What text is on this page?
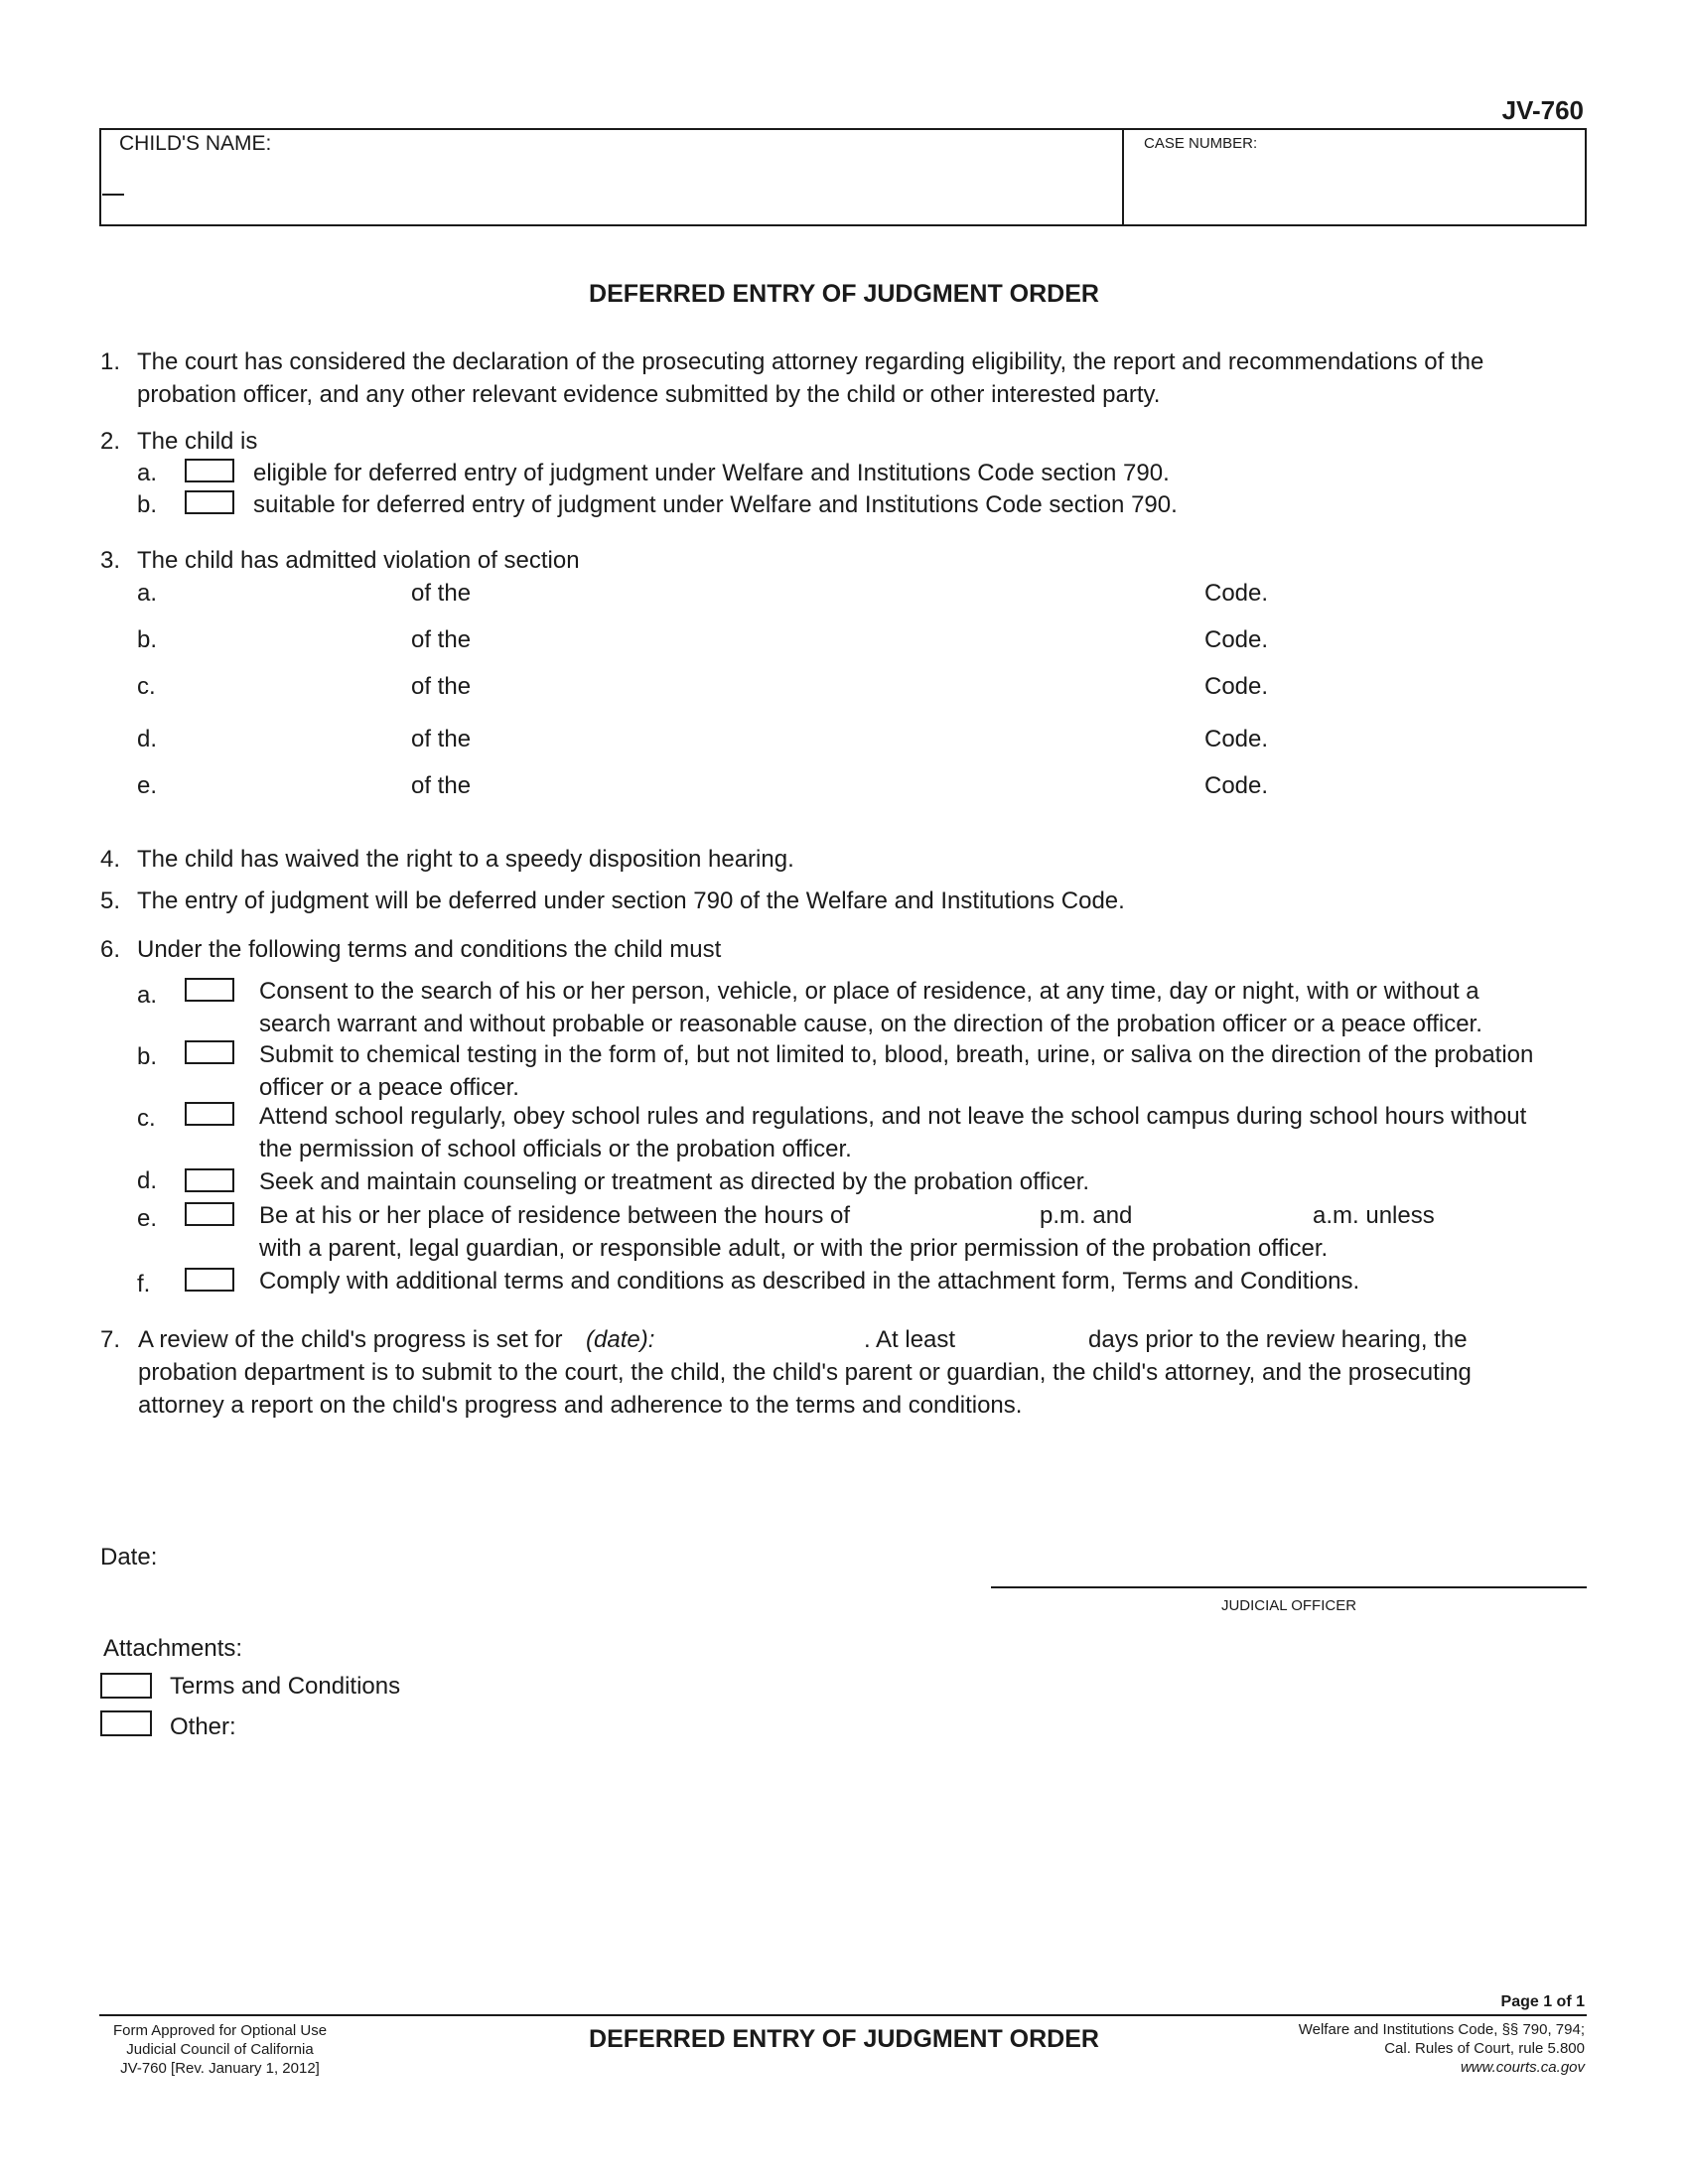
JV-760
CHILD'S NAME:	CASE NUMBER:
DEFERRED ENTRY OF JUDGMENT ORDER
1. The court has considered the declaration of the prosecuting attorney regarding eligibility, the report and recommendations of the
probation officer, and any other relevant evidence submitted by the child or other interested party.
2. The child is
a.	eligible for deferred entry of judgment under Welfare and Institutions Code section 790.
b.	suitable for deferred entry of judgment under Welfare and Institutions Code section 790.
3. The child has admitted violation of section
a.	of the	Code.
b.	of the	Code.
c.	of the	Code.
d.	of the	Code.
e.	of the	Code.
4. The child has waived the right to a speedy disposition hearing.
5. The entry of judgment will be deferred under section 790 of the Welfare and Institutions Code.
6. Under the following terms and conditions the child must
a.	Consent to the search of his or her person, vehicle, or place of residence, at any time, day or night, with or without a
search warrant and without probable or reasonable cause, on the direction of the probation officer or a peace officer.
b.	Submit to chemical testing in the form of, but not limited to, blood, breath, urine, or saliva on the direction of the probation
officer or a peace officer.
c.	Attend school regularly, obey school rules and regulations, and not leave the school campus during school hours without
the permission of school officials or the probation officer.
d.	Seek and maintain counseling or treatment as directed by the probation officer.
e.	Be at his or her place of residence between the hours of	p.m. and	a.m. unless
with a parent, legal guardian, or responsible adult, or with the prior permission of the probation officer.
f.	Comply with additional terms and conditions as described in the attachment form, Terms and Conditions.
7. A review of the child's progress is set for (date):	. At least	days prior to the review hearing, the
probation department is to submit to the court, the child, the child's parent or guardian, the child's attorney, and the prosecuting
attorney a report on the child's progress and adherence to the terms and conditions.
Date:
JUDICIAL OFFICER
Attachments:
Terms and Conditions
Other:
Page 1 of 1
Form Approved for Optional Use
Judicial Council of California
JV-760 [Rev. January 1, 2012]
DEFERRED ENTRY OF JUDGMENT ORDER	Welfare and Institutions Code, §§ 790, 794;
Cal. Rules of Court, rule 5.800
www.courts.ca.gov
